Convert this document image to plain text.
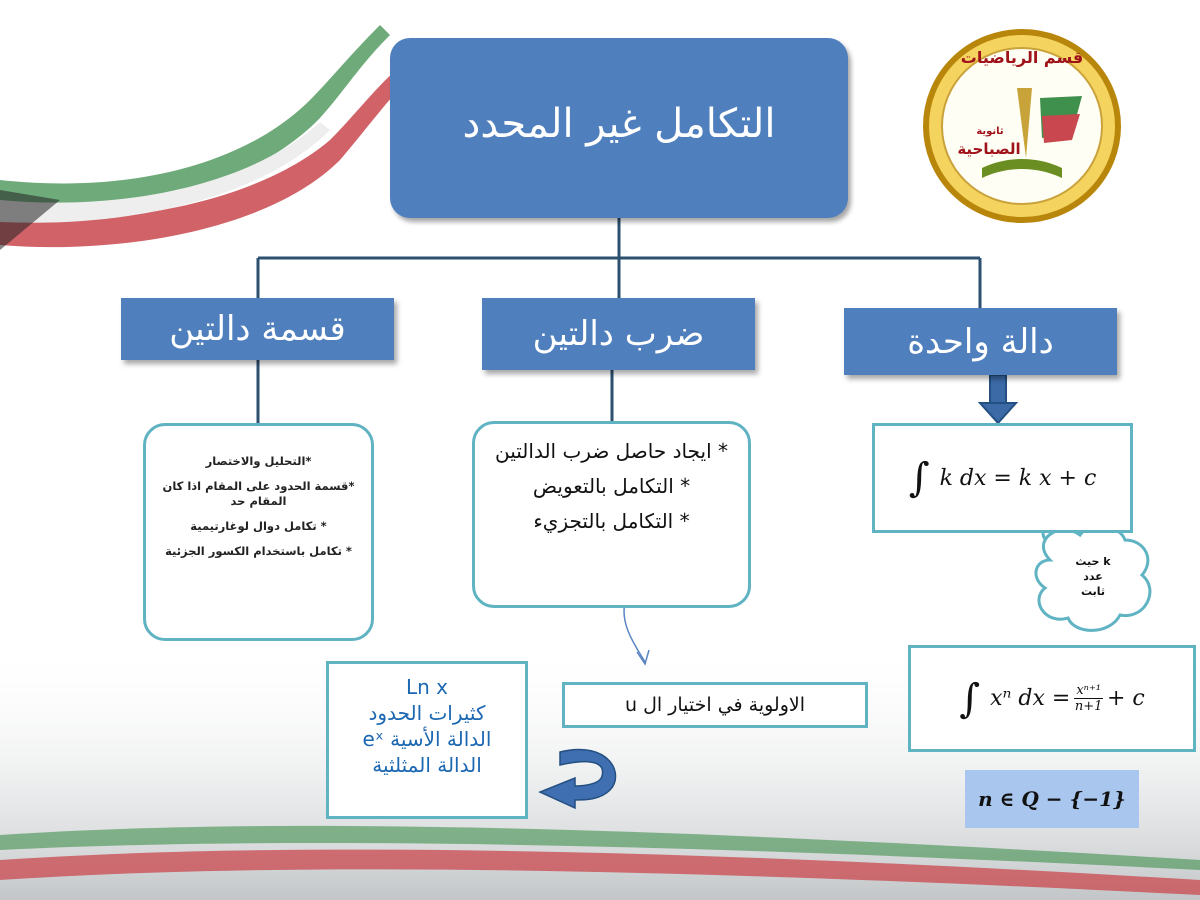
قسم الرياضيات
ثانوية
الصباحية
التكامل غير المحدد
قسمة دالتين	ضرب دالتين	دالة واحدة

*التحليل والاختصار

*قسمة الحدود على المقام اذا كان المقام حد

* تكامل دوال لوغارتيمية

* تكامل باستخدام الكسور الجزئية

* ايجاد حاصل ضرب الدالتين

* التكامل بالتعويض

* التكامل بالتجزيء

∫ k dx = k x + c
حيث k
عدد
ثابت
∫ xⁿ dx = $\frac{\text{xⁿ⁺¹}}{n+1} + c$
n ∈ Q − {−1}
الاولوية في اختيار ال u
Ln x
كثيرات الحدود
الدالة الأسية eˣ
الدالة المثلثية
